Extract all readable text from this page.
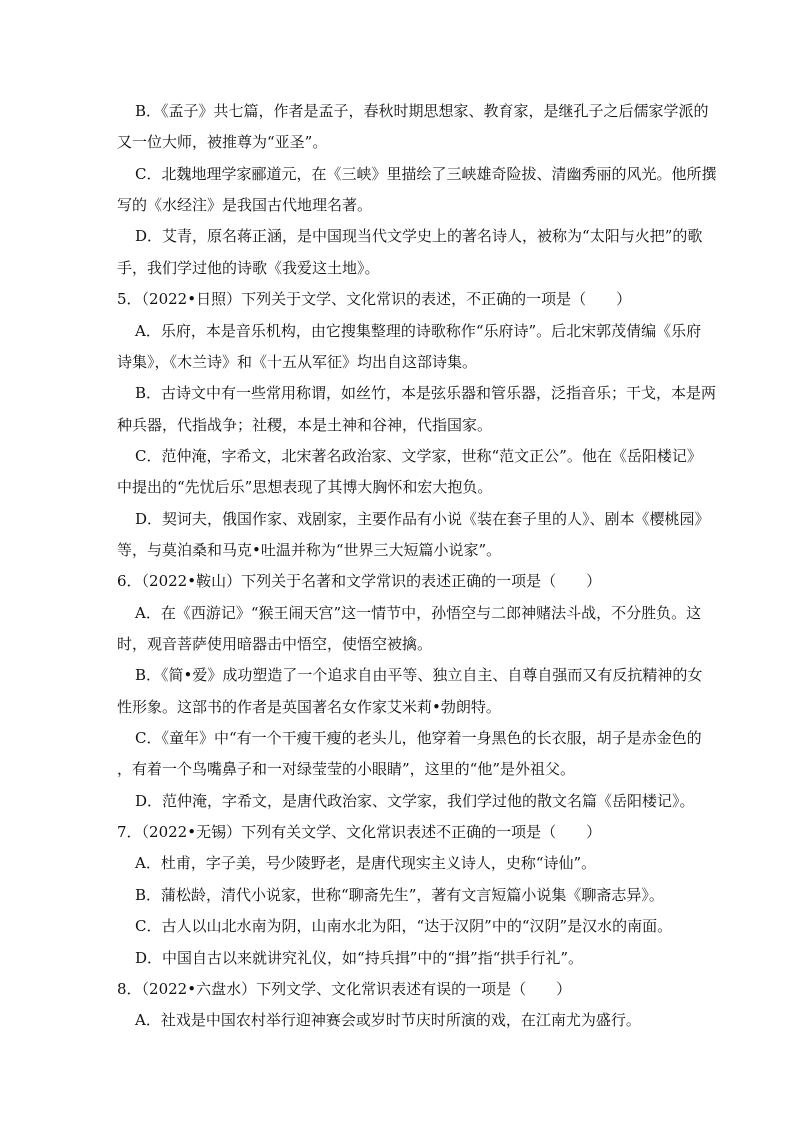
B．《孟子》共七篇，作者是孟子，春秋时期思想家、教育家，是继孔子之后儒家学派的
又一位大师，被推尊为“亚圣”。
C．北魏地理学家郦道元，在《三峡》里描绘了三峡雄奇险拔、清幽秀丽的风光。他所撰
写的《水经注》是我国古代地理名著。
D．艾青，原名蒋正涵，是中国现当代文学史上的著名诗人，被称为“太阳与火把”的歌
手，我们学过他的诗歌《我爱这土地》。
5．（2022•日照）下列关于文学、文化常识的表述，不正确的一项是（　　）
A．乐府，本是音乐机构，由它搜集整理的诗歌称作“乐府诗”。后北宋郭茂倩编《乐府
诗集》，《木兰诗》和《十五从军征》均出自这部诗集。
B．古诗文中有一些常用称谓，如丝竹，本是弦乐器和管乐器，泛指音乐；干戈，本是两
种兵器，代指战争；社稷，本是土神和谷神，代指国家。
C．范仲淹，字希文，北宋著名政治家、文学家，世称“范文正公”。他在《岳阳楼记》
中提出的“先忧后乐”思想表现了其博大胸怀和宏大抱负。
D．契诃夫，俄国作家、戏剧家，主要作品有小说《装在套子里的人》、剧本《樱桃园》
等，与莫泊桑和马克•吐温并称为“世界三大短篇小说家”。
6．（2022•鞍山）下列关于名著和文学常识的表述正确的一项是（　　）
A．在《西游记》“猴王闹天宫”这一情节中，孙悟空与二郎神赌法斗战，不分胜负。这
时，观音菩萨使用暗器击中悟空，使悟空被擒。
B．《简•爱》成功塑造了一个追求自由平等、独立自主、自尊自强而又有反抗精神的女
性形象。这部书的作者是英国著名女作家艾米莉•勃朗特。
C．《童年》中“有一个干瘦干瘦的老头儿，他穿着一身黑色的长衣服，胡子是赤金色的
，有着一个鸟嘴鼻子和一对绿莹莹的小眼睛”，这里的“他”是外祖父。
D．范仲淹，字希文，是唐代政治家、文学家，我们学过他的散文名篇《岳阳楼记》。
7．（2022•无锡）下列有关文学、文化常识表述不正确的一项是（　　）
A．杜甫，字子美，号少陵野老，是唐代现实主义诗人，史称“诗仙”。
B．蒲松龄，清代小说家，世称“聊斋先生”，著有文言短篇小说集《聊斋志异》。
C．古人以山北水南为阴，山南水北为阳，“达于汉阴”中的“汉阴”是汉水的南面。
D．中国自古以来就讲究礼仪，如“持兵揖”中的“揖”指“拱手行礼”。
8．（2022•六盘水）下列文学、文化常识表述有误的一项是（　　）
A．社戏是中国农村举行迎神赛会或岁时节庆时所演的戏，在江南尤为盛行。
